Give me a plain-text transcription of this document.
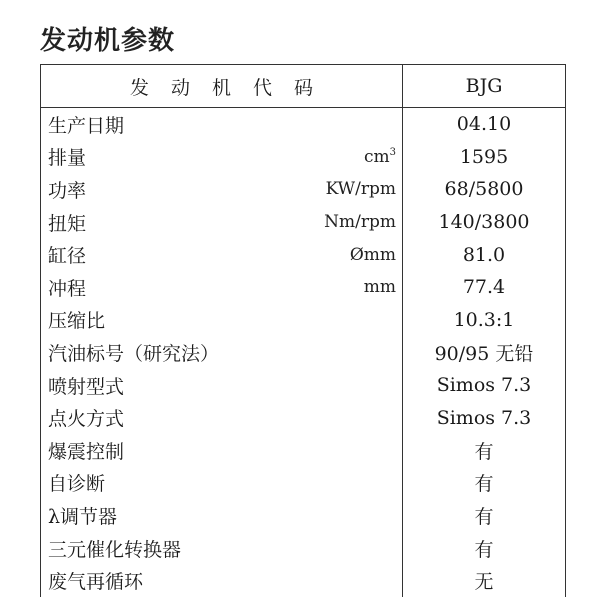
发动机参数
发动机代码	BJG
生产日期	04.10
排量 $cm^3$	1595
功率 KW/rpm	68/5800
扭矩 Nm/rpm	140/3800
缸径 Ømm	81.0
冲程 mm	77.4
压缩比	10.3:1
汽油标号（研究法）	90/95 无铅
喷射型式	Simos 7.3
点火方式	Simos 7.3
爆震控制	有
自诊断	有
λ调节器	有
三元催化转换器	有
废气再循环	无
